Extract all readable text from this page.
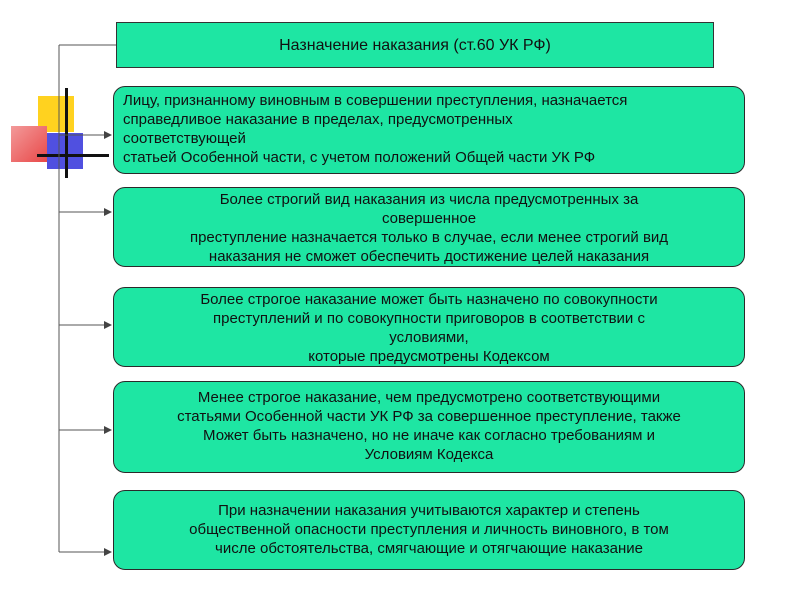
Назначение наказания (ст.60 УК РФ)
Лицу, признанному виновным в совершении преступления, назначается
справедливое наказание в пределах, предусмотренных
соответствующей
статьей Особенной части, с учетом положений Общей части УК РФ
Более строгий вид наказания из числа предусмотренных за
совершенное
преступление назначается только в случае, если менее строгий вид
наказания не сможет обеспечить достижение целей наказания
Более строгое наказание может быть назначено по совокупности
преступлений и по совокупности приговоров в соответствии с
условиями,
которые предусмотрены Кодексом
Менее строгое наказание, чем предусмотрено соответствующими
статьями Особенной части УК РФ за совершенное преступление, также
Может быть назначено, но не иначе как согласно требованиям и
Условиям Кодекса
При назначении наказания учитываются характер и степень
общественной опасности преступления и личность виновного, в том
числе обстоятельства, смягчающие и отягчающие наказание
